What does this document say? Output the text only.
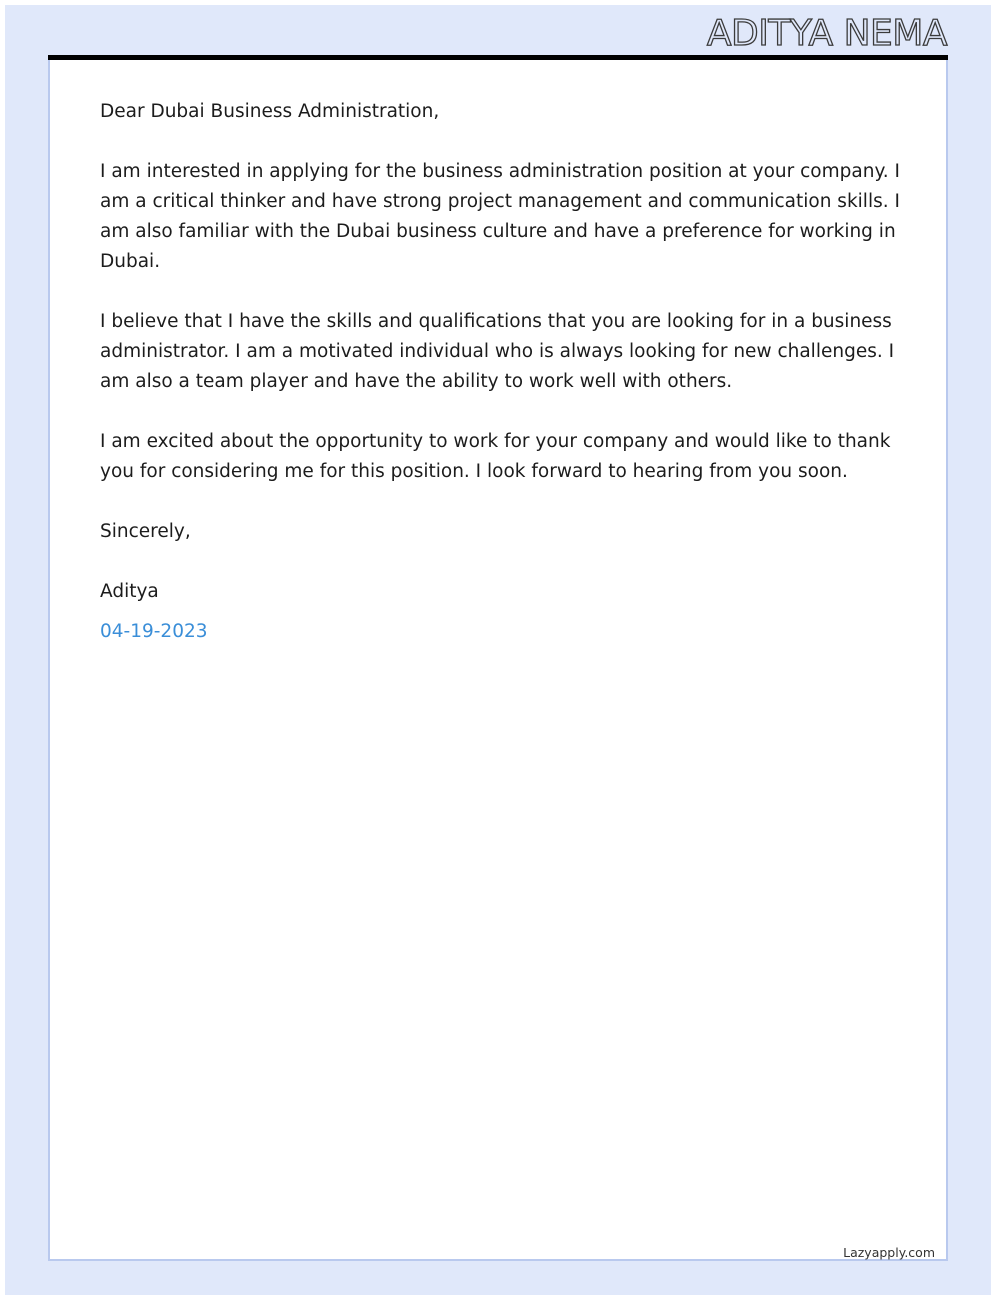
ADITYA NEMA

Dear Dubai Business Administration,

I am interested in applying for the business administration position at your company. I am a critical thinker and have strong project management and communication skills. I am also familiar with the Dubai business culture and have a preference for working in Dubai.

I believe that I have the skills and qualifications that you are looking for in a business administrator. I am a motivated individual who is always looking for new challenges. I am also a team player and have the ability to work well with others.

I am excited about the opportunity to work for your company and would like to thank you for considering me for this position. I look forward to hearing from you soon.

Sincerely,

Aditya

04-19-2023

Lazyapply.com
